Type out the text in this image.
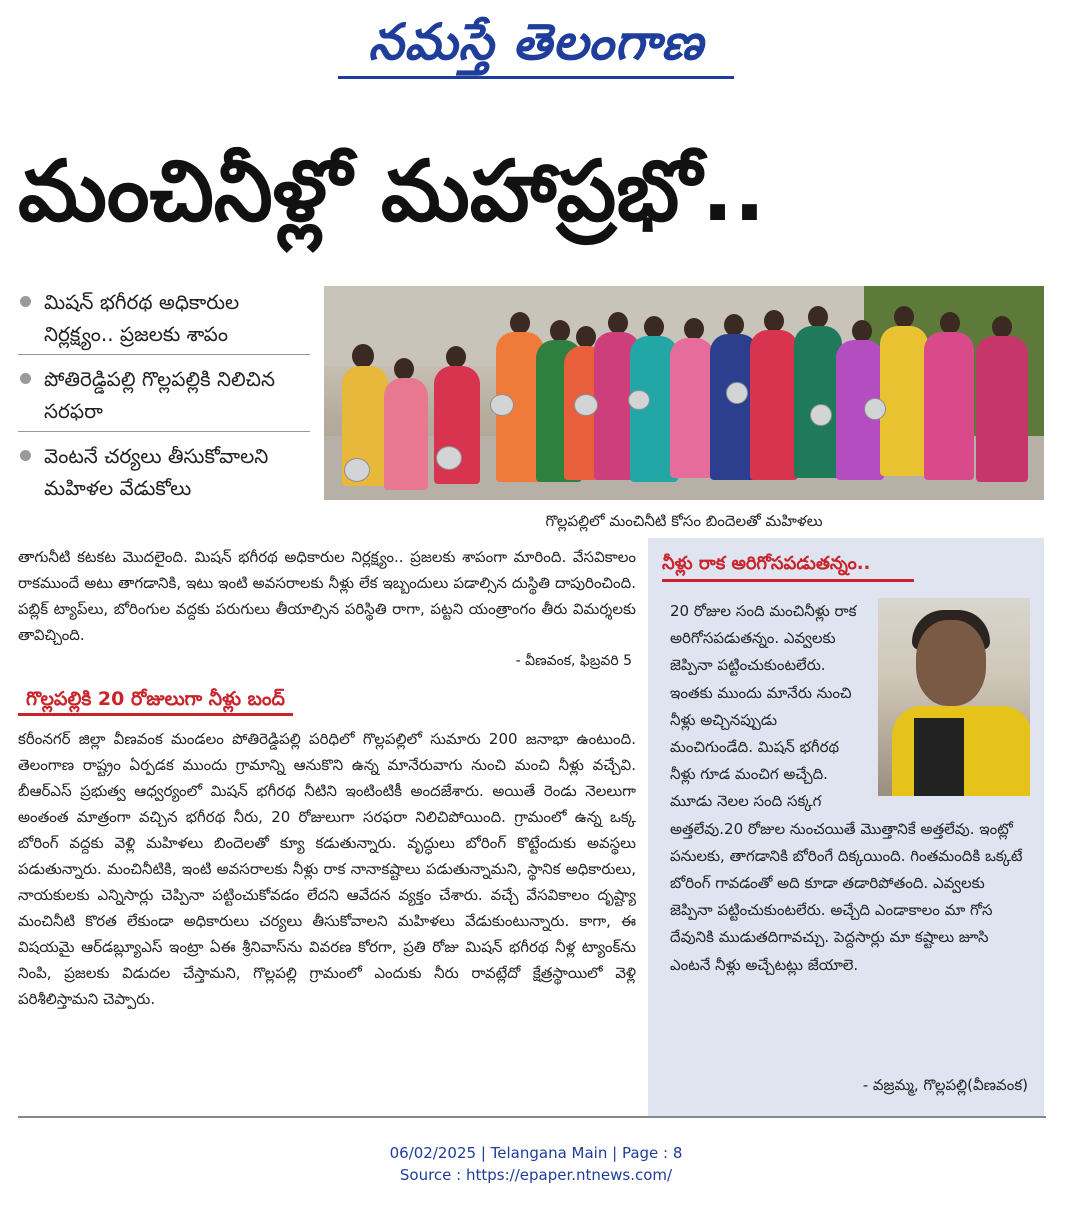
నమస్తే తెలంగాణ
మంచినీళ్లో మహాప్రభో..
మిషన్ భగీరథ అధికారుల నిర్లక్ష్యం.. ప్రజలకు శాపం
పోతిరెడ్డిపల్లి గొల్లపల్లికి నిలిచిన సరఫరా
వెంటనే చర్యలు తీసుకోవాలని మహిళల వేడుకోలు
గొల్లపల్లిలో మంచినీటి కోసం బిందెలతో మహిళలు

తాగునీటి కటకట మొదలైంది. మిషన్ భగీరథ అధికారుల నిర్లక్ష్యం.. ప్రజలకు శాపంగా మారింది. వేసవికాలం రాకముందే అటు తాగడానికి, ఇటు ఇంటి అవసరాలకు నీళ్లు లేక ఇబ్బందులు పడాల్సిన దుస్థితి దాపురించింది. పబ్లిక్ ట్యాప్‌లు, బోరింగుల వద్దకు పరుగులు తీయాల్సిన పరిస్థితి రాగా, పట్టని యంత్రాంగం తీరు విమర్శలకు తావిచ్చింది.

- వీణవంక, ఫిబ్రవరి 5
గొల్లపల్లికి 20 రోజులుగా నీళ్లు బంద్

కరీంనగర్ జిల్లా వీణవంక మండలం పోతిరెడ్డిపల్లి పరిధిలో గొల్లపల్లిలో సుమారు 200 జనాభా ఉంటుంది. తెలంగాణ రాష్ట్రం ఏర్పడక ముందు గ్రామాన్ని ఆనుకొని ఉన్న మానేరువాగు నుంచి మంచి నీళ్లు వచ్చేవి. బీఆర్ఎస్ ప్రభుత్వ ఆధ్వర్యంలో మిషన్ భగీరథ నీటిని ఇంటింటికీ అందజేశారు. అయితే రెండు నెలలుగా అంతంత మాత్రంగా వచ్చిన భగీరథ నీరు, 20 రోజులుగా సరఫరా నిలిచిపోయింది. గ్రామంలో ఉన్న ఒక్క బోరింగ్ వద్దకు వెళ్లి మహిళలు బిందెలతో క్యూ కడుతున్నారు. వృద్ధులు బోరింగ్ కొట్టేందుకు అవస్థలు పడుతున్నారు. మంచినీటికి, ఇంటి అవసరాలకు నీళ్లు రాక నానాకష్టాలు పడుతున్నామని, స్థానిక అధికారులు, నాయకులకు ఎన్నిసార్లు చెప్పినా పట్టించుకోవడం లేదని ఆవేదన వ్యక్తం చేశారు. వచ్చే వేసవికాలం దృష్ట్యా మంచినీటి కొరత లేకుండా అధికారులు చర్యలు తీసుకోవాలని మహిళలు వేడుకుంటున్నారు. కాగా, ఈ విషయమై ఆర్‌డబ్ల్యూఎస్ ఇంట్రా ఏఈ శ్రీనివాస్‌ను వివరణ కోరగా, ప్రతి రోజు మిషన్ భగీరథ నీళ్ల ట్యాంక్‌ను నింపి, ప్రజలకు విడుదల చేస్తామని, గొల్లపల్లి గ్రామంలో ఎందుకు నీరు రావట్లేదో క్షేత్రస్థాయిలో వెళ్లి పరిశీలిస్తామని చెప్పారు.

నీళ్లు రాక అరిగోసపడుతన్నం..
20 రోజుల సంది మంచినీళ్లు రాక అరిగోసపడుతన్నం. ఎవ్వలకు జెప్పినా పట్టించుకుంటలేరు. ఇంతకు ముందు మానేరు నుంచి నీళ్లు అచ్చినప్పుడు మంచిగుండేది. మిషన్ భగీరథ నీళ్లు గూడ మంచిగ అచ్చేది. మూడు నెలల సంది సక్కగ అత్తలేవు.20 రోజుల నుంచయితే మొత్తానికే అత్తలేవు. ఇంట్లో పనులకు, తాగడానికి బోరింగే దిక్కయింది. గింతమందికి ఒక్కటే బోరింగ్ గావడంతో అది కూడా తడారిపోతంది. ఎవ్వలకు జెప్పినా పట్టించుకుంటలేరు. అచ్చేది ఎండాకాలం మా గోస దేవునికి ముడుతదిగావచ్చు. పెద్దసార్లు మా కష్టాలు జూసి ఎంటనే నీళ్లు అచ్చేటట్లు జేయాలె.
- వజ్రమ్మ, గొల్లపల్లి(వీణవంక)
06/02/2025 | Telangana Main | Page : 8
Source : https://epaper.ntnews.com/
